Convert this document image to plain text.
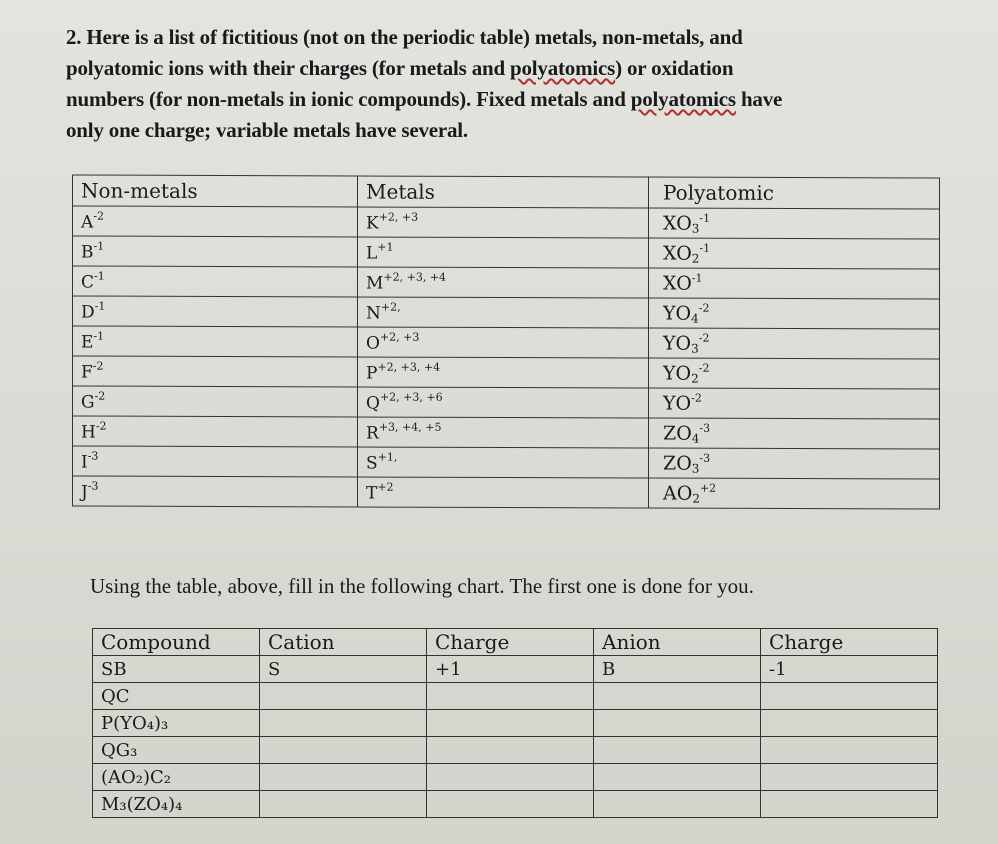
2. Here is a list of fictitious (not on the periodic table) metals, non-metals, and

polyatomic ions with their charges (for metals and polyatomics) or oxidation

numbers (for non-metals in ionic compounds). Fixed metals and polyatomics have

only one charge; variable metals have several.

Non-metals	Metals	Polyatomic
$A^{-2}$	$K^{+2, +3}$	$XO_3^{-1}$
$B^{-1}$	$L^{+1}$	$XO_2^{-1}$
$C^{-1}$	$M^{+2, +3, +4}$	$XO^{-1}$
$D^{-1}$	$N^{+2,}$	$YO_4^{-2}$
$E^{-1}$	$O^{+2, +3}$	$YO_3^{-2}$
$F^{-2}$	$P^{+2, +3, +4}$	$YO_2^{-2}$
$G^{-2}$	$Q^{+2, +3, +6}$	$YO^{-2}$
$H^{-2}$	$R^{+3, +4, +5}$	$ZO_4^{-3}$
$I^{-3}$	$S^{+1,}$	$ZO_3^{-3}$
$J^{-3}$	$T^{+2}$	$AO_2^{+2}$
Using the table, above, fill in the following chart. The first one is done for you.
Compound	Cation	Charge	Anion	Charge
SB	S	+1	B	-1
QC				
P(YO₄)₃				
QG₃				
(AO₂)C₂				
M₃(ZO₄)₄				
